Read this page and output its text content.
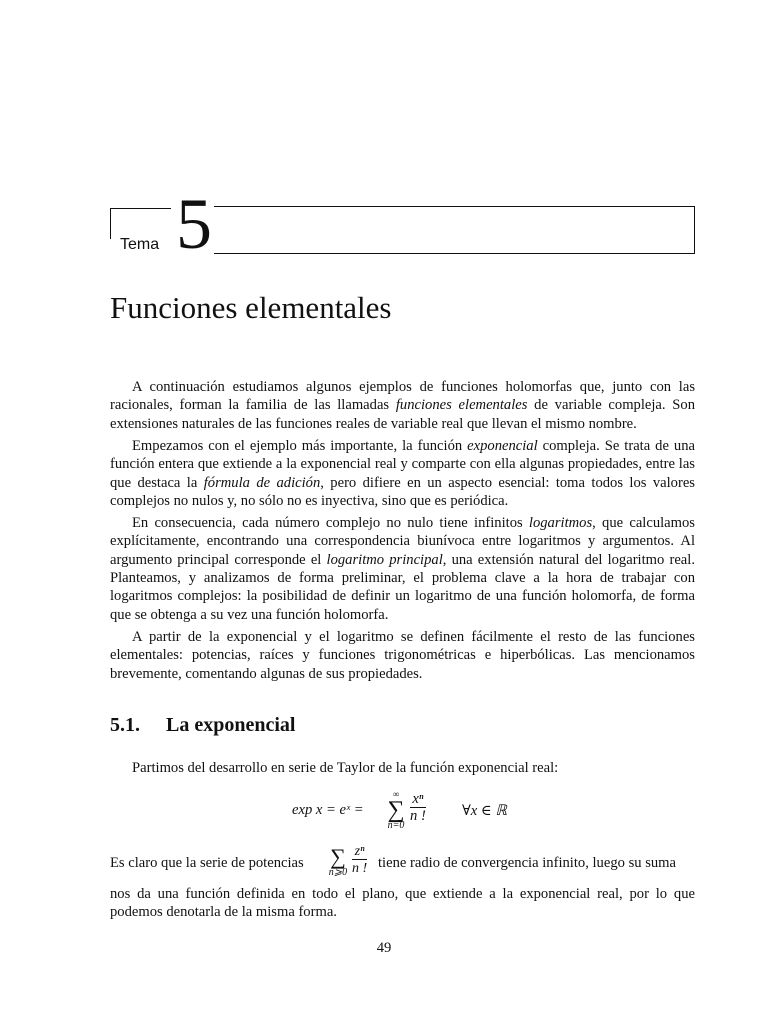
Tema 5
Funciones elementales

A continuación estudiamos algunos ejemplos de funciones holomorfas que, junto con las racionales, forman la familia de las llamadas funciones elementales de variable compleja. Son extensiones naturales de las funciones reales de variable real que llevan el mismo nombre.

Empezamos con el ejemplo más importante, la función exponencial compleja. Se trata de una función entera que extiende a la exponencial real y comparte con ella algunas propiedades, entre las que destaca la fórmula de adición, pero difiere en un aspecto esencial: toma todos los valores complejos no nulos y, no sólo no es inyectiva, sino que es periódica.

En consecuencia, cada número complejo no nulo tiene infinitos logaritmos, que calculamos explícitamente, encontrando una correspondencia biunívoca entre logaritmos y argumentos. Al argumento principal corresponde el logaritmo principal, una extensión natural del logaritmo real. Planteamos, y analizamos de forma preliminar, el problema clave a la hora de trabajar con logaritmos complejos: la posibilidad de definir un logaritmo de una función holomorfa, de forma que se obtenga a su vez una función holomorfa.

A partir de la exponencial y el logaritmo se definen fácilmente el resto de las funciones elementales: potencias, raíces y funciones trigonométricas e hiperbólicas. Las mencionamos brevemente, comentando algunas de sus propiedades.

5.1. La exponencial
Partimos del desarrollo en serie de Taylor de la función exponencial real:
exp x = eˣ =
∞
∑
n=0
$\frac{\text{xⁿ}}{n !}$ ∀x ∈ ℝ
Es claro que la serie de potencias ∑
n⩾0 $\frac{\text{zⁿ}}{n !}$ tiene radio de convergencia infinito, luego su suma
nos da una función definida en todo el plano, que extiende a la exponencial real, por lo que podemos denotarla de la misma forma.
49
